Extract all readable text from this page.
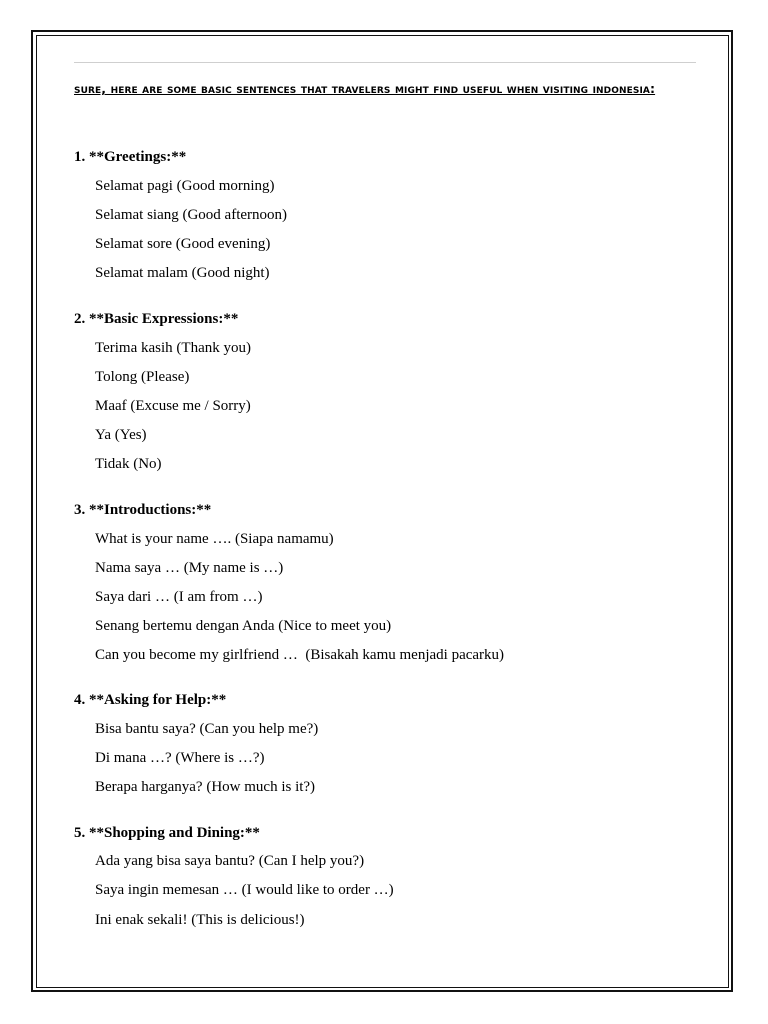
sure, here are some basic sentences that travelers might find useful when visiting indonesia:
1. **Greetings:**
Selamat pagi (Good morning)
Selamat siang (Good afternoon)
Selamat sore (Good evening)
Selamat malam (Good night)
2. **Basic Expressions:**
Terima kasih (Thank you)
Tolong (Please)
Maaf (Excuse me / Sorry)
Ya (Yes)
Tidak (No)
3. **Introductions:**
What is your name …. (Siapa namamu)
Nama saya … (My name is …)
Saya dari … (I am from …)
Senang bertemu dengan Anda (Nice to meet you)
Can you become my girlfriend …  (Bisakah kamu menjadi pacarku)
4. **Asking for Help:**
Bisa bantu saya? (Can you help me?)
Di mana …? (Where is …?)
Berapa harganya? (How much is it?)
5. **Shopping and Dining:**
Ada yang bisa saya bantu? (Can I help you?)
Saya ingin memesan … (I would like to order …)
Ini enak sekali! (This is delicious!)
